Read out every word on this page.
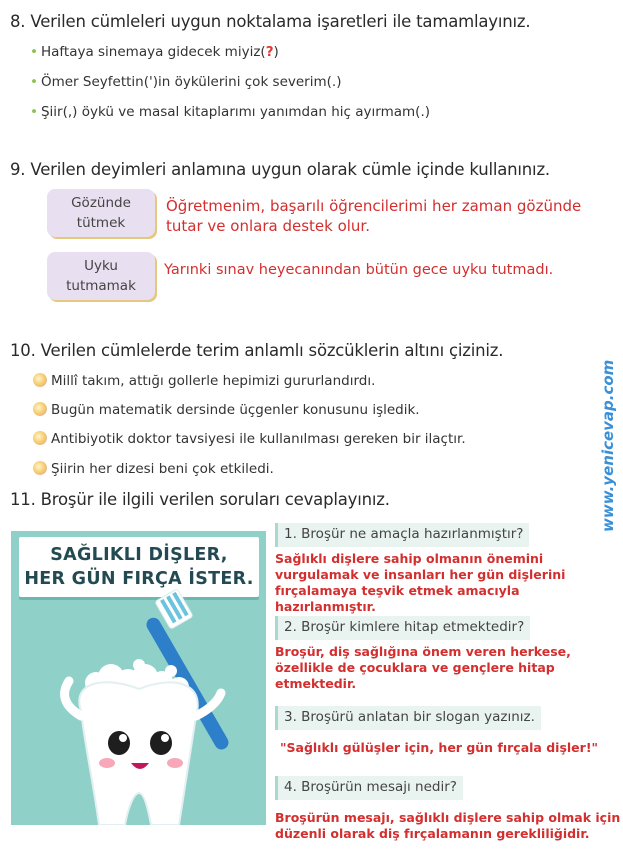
8. Verilen cümleleri uygun noktalama işaretleri ile tamamlayınız.
• Haftaya sinemaya gidecek miyiz(?)
• Ömer Seyfettin(')in öykülerini çok severim(.)
• Şiir(,) öykü ve masal kitaplarımı yanımdan hiç ayırmam(.)
9. Verilen deyimleri anlamına uygun olarak cümle içinde kullanınız.
Gözünde
tütmek
Öğretmenim, başarılı öğrencilerimi her zaman gözünde
tutar ve onlara destek olur.
Uyku
tutmamak
Yarınki sınav heyecanından bütün gece uyku tutmadı.
10. Verilen cümlelerde terim anlamlı sözcüklerin altını çiziniz.
Millî takım, attığı gollerle hepimizi gururlandırdı.
Bugün matematik dersinde üçgenler konusunu işledik.
Antibiyotik doktor tavsiyesi ile kullanılması gereken bir ilaçtır.
Şiirin her dizesi beni çok etkiledi.
11. Broşür ile ilgili verilen soruları cevaplayınız.
SAĞLIKLI DİŞLER,
HER GÜN FIRÇA İSTER.
1. Broşür ne amaçla hazırlanmıştır?
Sağlıklı dişlere sahip olmanın önemini
vurgulamak ve insanları her gün dişlerini
fırçalamaya teşvik etmek amacıyla hazırlanmıştır.
2. Broşür kimlere hitap etmektedir?
Broşür, diş sağlığına önem veren herkese,
özellikle de çocuklara ve gençlere hitap
etmektedir.
3. Broşürü anlatan bir slogan yazınız.
"Sağlıklı gülüşler için, her gün fırçala dişler!"
4. Broşürün mesajı nedir?
Broşürün mesajı, sağlıklı dişlere sahip olmak için
düzenli olarak diş fırçalamanın gerekliliğidir.
www.yenicevap.com
